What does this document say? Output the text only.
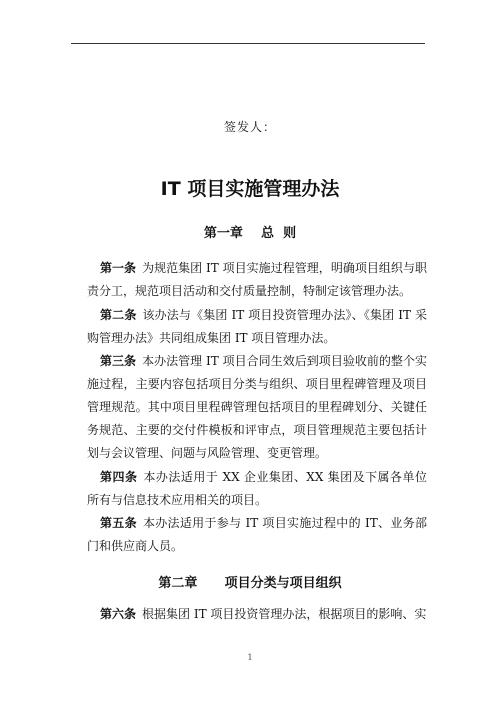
签发人：
IT 项目实施管理办法
第一章    总  则
第一条 为规范集团 IT 项目实施过程管理，明确项目组织与职责分工，规范项目活动和交付质量控制，特制定该管理办法。
第二条 该办法与《集团 IT 项目投资管理办法》、《集团 IT 采购管理办法》共同组成集团 IT 项目管理办法。
第三条 本办法管理 IT 项目合同生效后到项目验收前的整个实施过程，主要内容包括项目分类与组织、项目里程碑管理及项目管理规范。其中项目里程碑管理包括项目的里程碑划分、关键任务规范、主要的交付件模板和评审点，项目管理规范主要包括计划与会议管理、问题与风险管理、变更管理。
第四条 本办法适用于 XX 企业集团、XX 集团及下属各单位所有与信息技术应用相关的项目。
第五条 本办法适用于参与 IT 项目实施过程中的 IT、业务部门和供应商人员。
第二章      项目分类与项目组织
第六条 根据集团 IT 项目投资管理办法，根据项目的影响、实
1
